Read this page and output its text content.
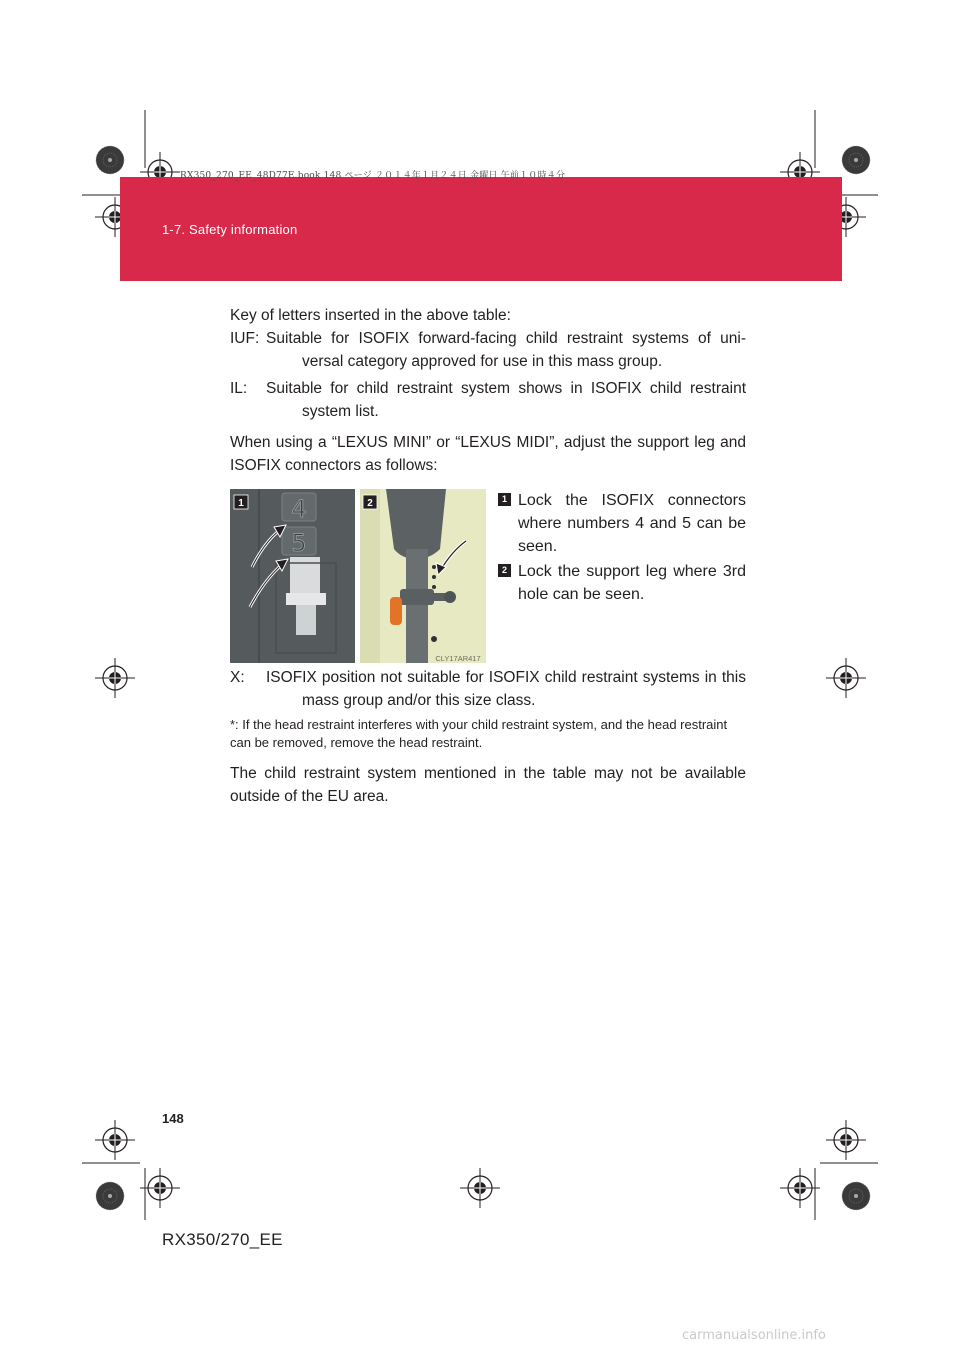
RX350_270_EE_48D77E.book 148 ページ ２０１４年１月２４日 金曜日 午前１０時４分
1-7. Safety information
Key of letters inserted in the above table:
IUF: Suitable for ISOFIX forward-facing child restraint systems of uni-versal category approved for use in this mass group.
IL: Suitable for child restraint system shows in ISOFIX child restraint system list.
When using a “LEXUS MINI” or “LEXUS MIDI”, adjust the support leg and ISOFIX connectors as follows:
4
5
1	2
CLY17AR417
1 Lock the ISOFIX connectors where numbers 4 and 5 can be seen.
2 Lock the support leg where 3rd hole can be seen.
X: ISOFIX position not suitable for ISOFIX child restraint systems in this mass group and/or this size class.
*: If the head restraint interferes with your child restraint system, and the head restraint can be removed, remove the head restraint.
The child restraint system mentioned in the table may not be available outside of the EU area.
148
RX350/270_EE
carmanualsonline.info
